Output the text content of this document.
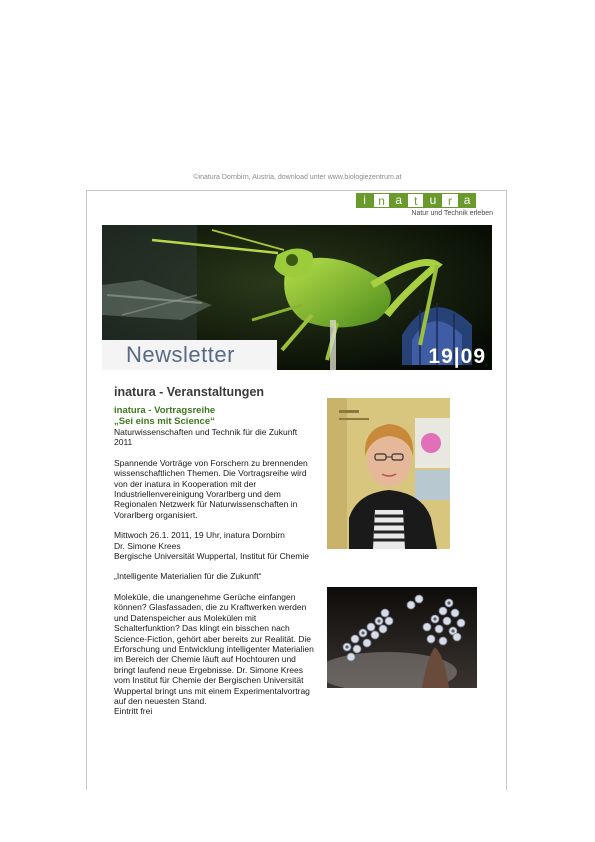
©inatura Dornbirn, Austria, download unter www.biologiezentrum.at
i	n a	t	u r a
Natur und Technik erleben
Newsletter	19|09
inatura - Veranstaltungen
inatura - Vortragsreihe
„Sei eins mit Science“

Naturwissenschaften und Technik für die Zukunft 2011

Spannende Vorträge von Forschern zu brennenden wissenschaftlichen Themen. Die Vortragsreihe wird von der inatura in Kooperation mit der Industriellenvereinigung Vorarlberg und dem Regionalen Netzwerk für Naturwissenschaften in Vorarlberg organisiert.

Mittwoch 26.1. 2011, 19 Uhr, inatura Dornbirn

Dr. Simone Krees

Bergische Universität Wuppertal, Institut für Chemie

„Intelligente Materialien für die Zukunft“

Moleküle, die unangenehme Gerüche einfangen können? Glasfassaden, die zu Kraftwerken werden und Datenspeicher aus Molekülen mit Schalterfunktion? Das klingt ein bisschen nach Science-Fiction, gehört aber bereits zur Realität. Die Erforschung und Entwicklung intelligenter Materialien im Bereich der Chemie läuft auf Hochtouren und bringt laufend neue Ergebnisse. Dr. Simone Krees vom Institut für Chemie der Bergischen Universität Wuppertal bringt uns mit einem Experimentalvortrag auf den neuesten Stand.

Eintritt frei
